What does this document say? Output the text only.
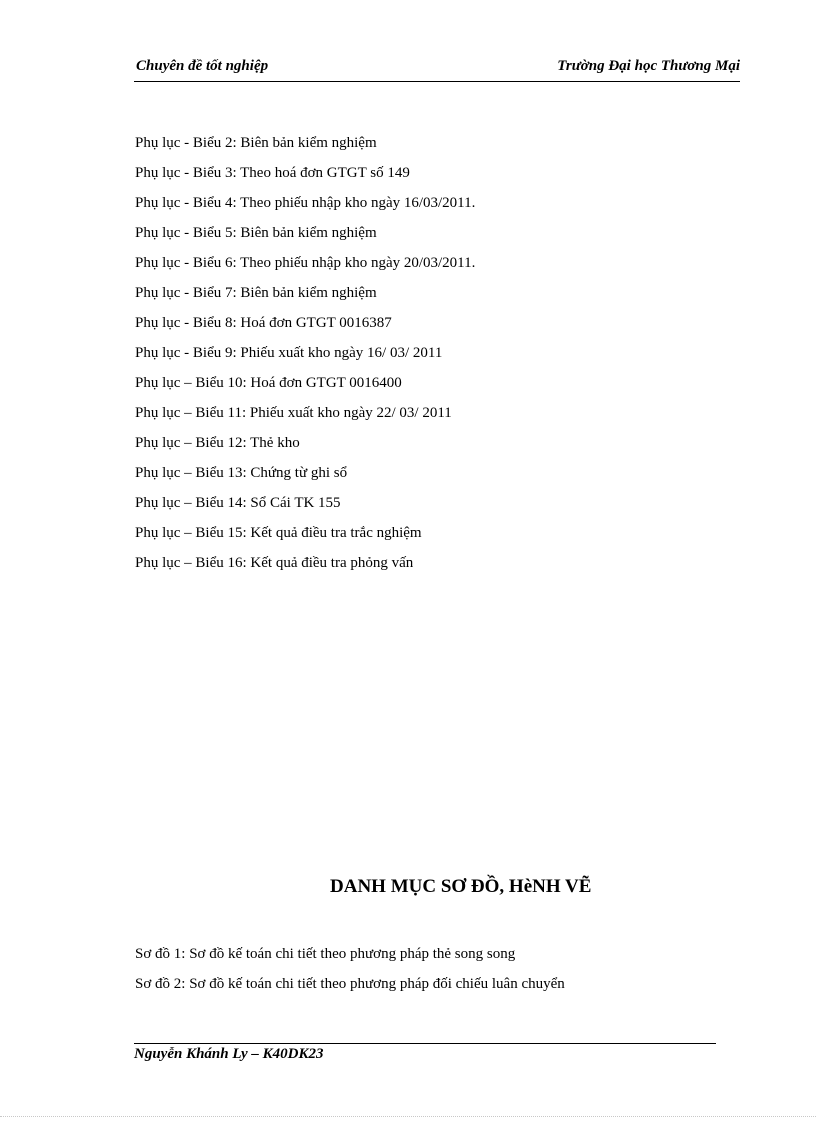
Chuyên đề tốt nghiệp	Trường Đại học Thương Mại
Phụ lục - Biểu 2: Biên bản kiểm nghiệm
Phụ lục - Biểu 3: Theo hoá đơn GTGT số 149
Phụ lục - Biểu 4: Theo phiếu nhập kho ngày 16/03/2011.
Phụ lục - Biểu 5: Biên bản kiểm nghiệm
Phụ lục - Biểu 6: Theo phiếu nhập kho ngày 20/03/2011.
Phụ lục - Biểu 7: Biên bản kiểm nghiệm
Phụ lục - Biểu 8: Hoá đơn GTGT 0016387
Phụ lục - Biểu 9: Phiếu xuất kho ngày 16/ 03/ 2011
Phụ lục – Biểu 10: Hoá đơn GTGT 0016400
Phụ lục – Biểu 11: Phiếu xuất kho ngày 22/ 03/ 2011
Phụ lục – Biểu 12: Thẻ kho
Phụ lục – Biểu 13: Chứng từ ghi sổ
Phụ lục – Biểu 14: Sổ Cái TK 155
Phụ lục – Biểu 15: Kết quả điều tra trắc nghiệm
Phụ lục – Biểu 16: Kết quả điều tra phỏng vấn
DANH MỤC SƠ ĐỒ, HèNH VẼ
Sơ đồ 1: Sơ đồ kế toán chi tiết theo phương pháp thẻ song song
Sơ đồ 2: Sơ đồ kế toán chi tiết theo phương pháp đối chiếu luân chuyển
Nguyễn Khánh Ly – K40DK23
